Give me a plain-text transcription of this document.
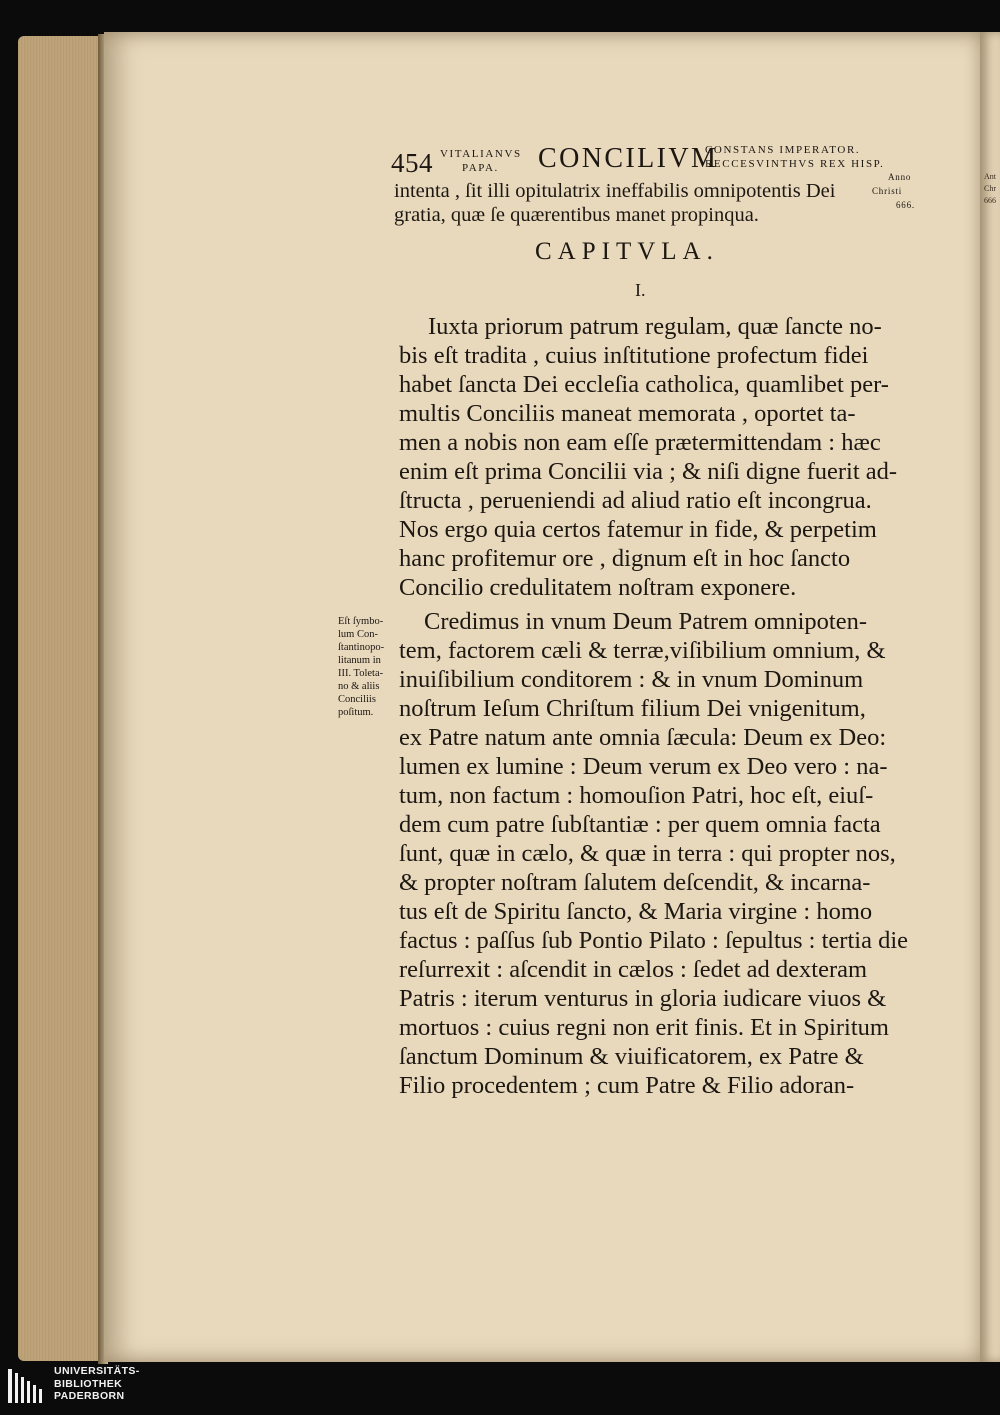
Ant
Chr
666
454 VITALIANVS
PAPA. CONCILIVM
CONSTANS IMPERATOR.
RECCESVINTHVS REX HISP.
Anno
Christi
666.
intenta , ſit illi opitulatrix ineffabilis omnipotentis Dei
gratia, quæ ſe quærentibus manet propinqua.
CAPITVLA.
I.
Iuxta priorum patrum regulam, quæ ſancte no-
bis eſt tradita , cuius inſtitutione profectum fidei
habet ſancta Dei eccleſia catholica, quamlibet per-
multis Conciliis maneat memorata , oportet ta-
men a nobis non eam eſſe prætermittendam : hæc
enim eſt prima Concilii via ; & niſi digne fuerit ad-
ſtructa , perueniendi ad aliud ratio eſt incongrua.
Nos ergo quia certos fatemur in fide, & perpetim
hanc profitemur ore , dignum eſt in hoc ſancto
Concilio credulitatem noſtram exponere.
Credimus in vnum Deum Patrem omnipoten-
tem, factorem cæli & terræ,viſibilium omnium, &
inuiſibilium conditorem : & in vnum Dominum
noſtrum Ieſum Chriſtum filium Dei vnigenitum,
ex Patre natum ante omnia ſæcula: Deum ex Deo:
lumen ex lumine : Deum verum ex Deo vero : na-
tum, non factum : homouſion Patri, hoc eſt, eiuſ-
dem cum patre ſubſtantiæ : per quem omnia facta
ſunt, quæ in cælo, & quæ in terra : qui propter nos,
& propter noſtram ſalutem deſcendit, & incarna-
tus eſt de Spiritu ſancto, & Maria virgine : homo
factus : paſſus ſub Pontio Pilato : ſepultus : tertia die
reſurrexit : aſcendit in cælos : ſedet ad dexteram
Patris : iterum venturus in gloria iudicare viuos &
mortuos : cuius regni non erit finis. Et in Spiritum
ſanctum Dominum & viuificatorem, ex Patre &
Filio procedentem ; cum Patre & Filio adoran-
Eſt ſymbo-
lum Con-
ſtantinopo-
litanum in
III. Toleta-
no & aliis
Conciliis
poſitum.
UNIVERSITÄTS-
BIBLIOTHEK
PADERBORN
